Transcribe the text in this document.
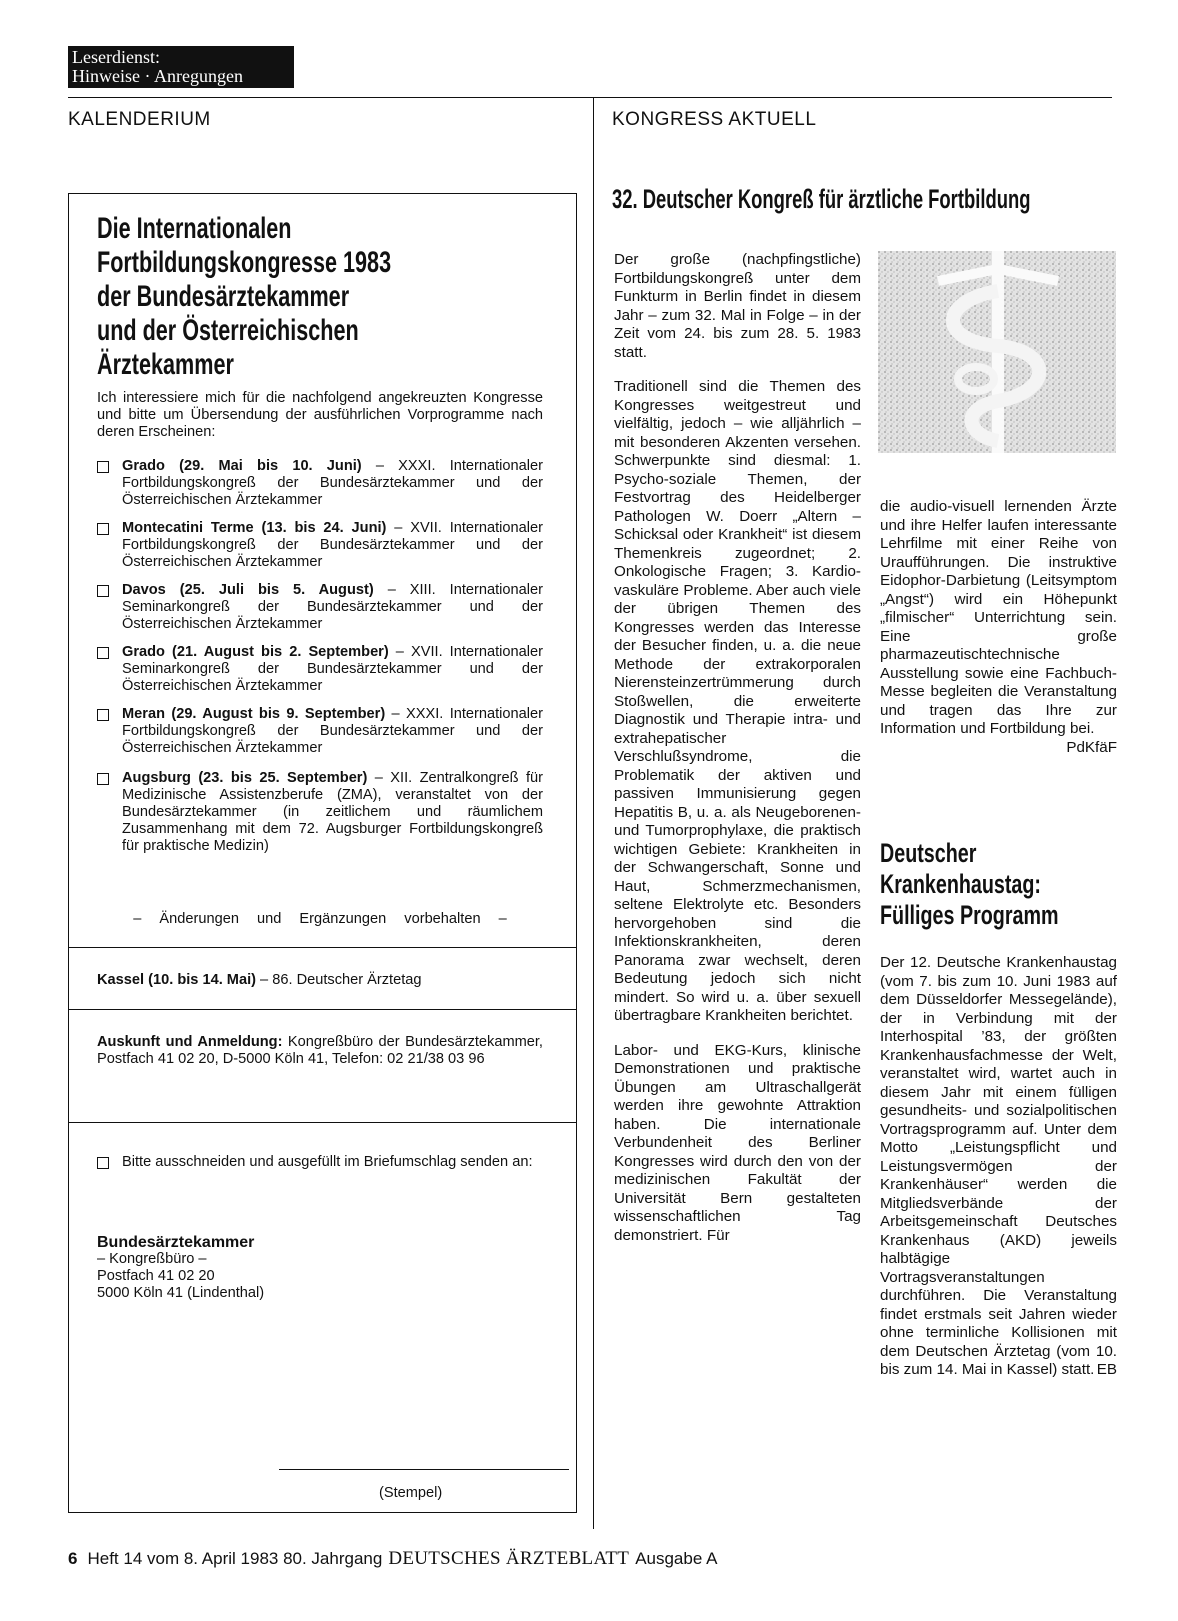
Leserdienst:
Hinweise · Anregungen
KALENDERIUM	KONGRESS AKTUELL
Die Internationalen
Fortbildungskongresse 1983
der Bundesärztekammer
und der Österreichischen
Ärztekammer
Ich interessiere mich für die nachfolgend angekreuzten Kongresse und bitte um Übersendung der ausführlichen Vorprogramme nach deren Erscheinen:
Grado (29. Mai bis 10. Juni) – XXXI. Internationaler Fortbildungskongreß der Bundesärztekammer und der Österreichischen Ärztekammer
Montecatini Terme (13. bis 24. Juni) – XVII. Internationaler Fortbildungskongreß der Bundesärztekammer und der Österreichischen Ärztekammer
Davos (25. Juli bis 5. August) – XIII. Internationaler Seminarkongreß der Bundesärztekammer und der Österreichischen Ärztekammer
Grado (21. August bis 2. September) – XVII. Internationaler Seminarkongreß der Bundesärztekammer und der Österreichischen Ärztekammer
Meran (29. August bis 9. September) – XXXI. Internationaler Fortbildungskongreß der Bundesärztekammer und der Österreichischen Ärztekammer
Augsburg (23. bis 25. September) – XII. Zentralkongreß für Medizinische Assistenzberufe (ZMA), veranstaltet von der Bundesärztekammer (in zeitlichem und räumlichem Zusammenhang mit dem 72. Augsburger Fortbildungskongreß für praktische Medizin)
– Änderungen und Ergänzungen vorbehalten –
Kassel (10. bis 14. Mai) – 86. Deutscher Ärztetag
Auskunft und Anmeldung: Kongreßbüro der Bundesärztekammer, Postfach 41 02 20, D-5000 Köln 41, Telefon: 02 21/38 03 96
Bitte ausschneiden und ausgefüllt im Briefumschlag senden an:
Bundesärztekammer
– Kongreßbüro –
Postfach 41 02 20
5000 Köln 41 (Lindenthal)
(Stempel)
32. Deutscher Kongreß für ärztliche Fortbildung

Der große (nachpfingstliche) Fortbildungskongreß unter dem Funkturm in Berlin findet in diesem Jahr – zum 32. Mal in Folge – in der Zeit vom 24. bis zum 28. 5. 1983 statt.

Traditionell sind die Themen des Kongresses weitgestreut und vielfältig, jedoch – wie alljährlich – mit besonderen Akzenten versehen. Schwerpunkte sind diesmal: 1. Psycho-soziale Themen, der Festvortrag des Heidelberger Pathologen W. Doerr „Altern – Schicksal oder Krankheit“ ist diesem Themenkreis zugeordnet; 2. Onkologische Fragen; 3. Kardio-vaskuläre Probleme. Aber auch viele der übrigen Themen des Kongresses werden das Interesse der Besucher finden, u. a. die neue Methode der extrakorporalen Nierensteinzertrümmerung durch Stoßwellen, die erweiterte Diagnostik und Therapie intra- und extrahepatischer Verschlußsyndrome, die Problematik der aktiven und passiven Immunisierung gegen Hepatitis B, u. a. als Neugeborenen- und Tumorprophylaxe, die praktisch wichtigen Gebiete: Krankheiten in der Schwangerschaft, Sonne und Haut, Schmerzmechanismen, seltene Elektrolyte etc. Besonders hervorgehoben sind die Infektionskrankheiten, deren Panorama zwar wechselt, deren Bedeutung jedoch sich nicht mindert. So wird u. a. über sexuell übertragbare Krankheiten berichtet.

Labor- und EKG-Kurs, klinische Demonstrationen und praktische Übungen am Ultraschallgerät werden ihre gewohnte Attraktion haben. Die internationale Verbundenheit des Berliner Kongresses wird durch den von der medizinischen Fakultät der Universität Bern gestalteten wissenschaftlichen Tag demonstriert. Für

die audio-visuell lernenden Ärzte und ihre Helfer laufen interessante Lehrfilme mit einer Reihe von Uraufführungen. Die instruktive Eidophor-Darbietung (Leitsymptom „Angst“) wird ein Höhepunkt „filmischer“ Unterrichtung sein. Eine große pharmazeutischtechnische Ausstellung sowie eine Fachbuch-Messe begleiten die Veranstaltung und tragen das Ihre zur Information und Fortbildung bei.
PdKfäF

Deutscher
Krankenhaustag:
Fülliges Programm

Der 12. Deutsche Krankenhaustag (vom 7. bis zum 10. Juni 1983 auf dem Düsseldorfer Messegelände), der in Verbindung mit der Interhospital ’83, der größten Krankenhausfachmesse der Welt, veranstaltet wird, wartet auch in diesem Jahr mit einem fülligen gesundheits- und sozialpolitischen Vortragsprogramm auf. Unter dem Motto „Leistungspflicht und Leistungsvermögen der Krankenhäuser“ werden die Mitgliedsverbände der Arbeitsgemeinschaft Deutsches Krankenhaus (AKD) jeweils halbtägige Vortragsveranstaltungen durchführen. Die Veranstaltung findet erstmals seit Jahren wieder ohne terminliche Kollisionen mit dem Deutschen Ärztetag (vom 10. bis zum 14. Mai in Kassel) statt. EB

6 Heft 14 vom 8. April 1983 80. Jahrgang DEUTSCHES ÄRZTEBLATT Ausgabe A
